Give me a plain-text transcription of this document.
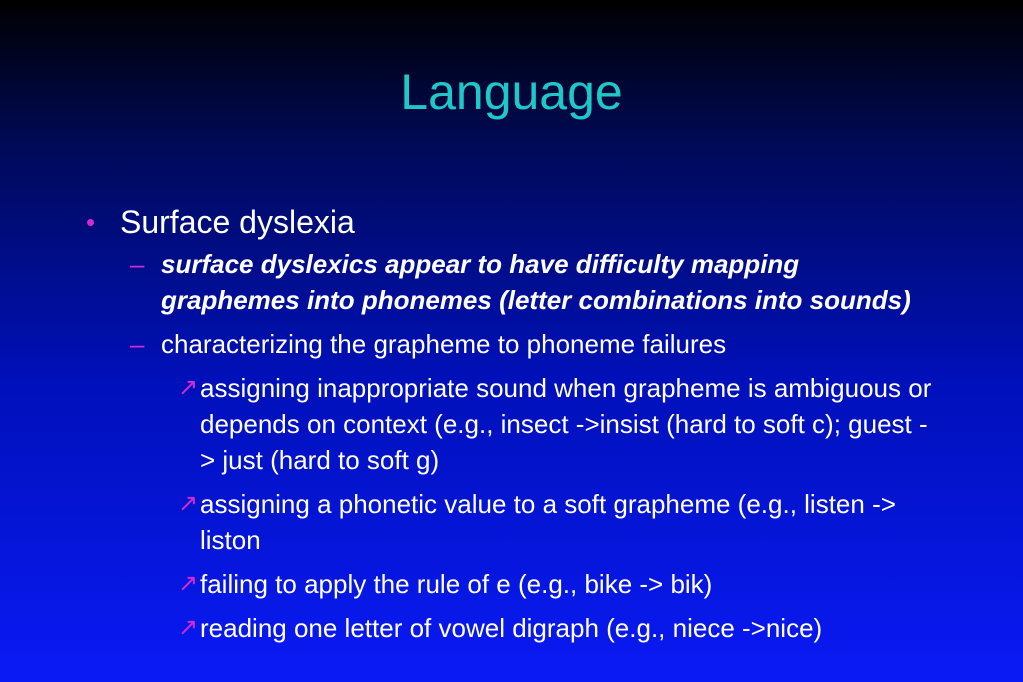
Language
• Surface dyslexia
– surface dyslexics appear to have difficulty mapping graphemes into phonemes (letter combinations into sounds)
– characterizing the grapheme to phoneme failures
↗ assigning inappropriate sound when grapheme is ambiguous or depends on context (e.g., insect ->insist (hard to soft c); guest -> just (hard to soft g)
↗ assigning a phonetic value to a soft grapheme (e.g., listen -> liston
↗ failing to apply the rule of e (e.g., bike -> bik)
↗ reading one letter of vowel digraph (e.g., niece ->nice)
